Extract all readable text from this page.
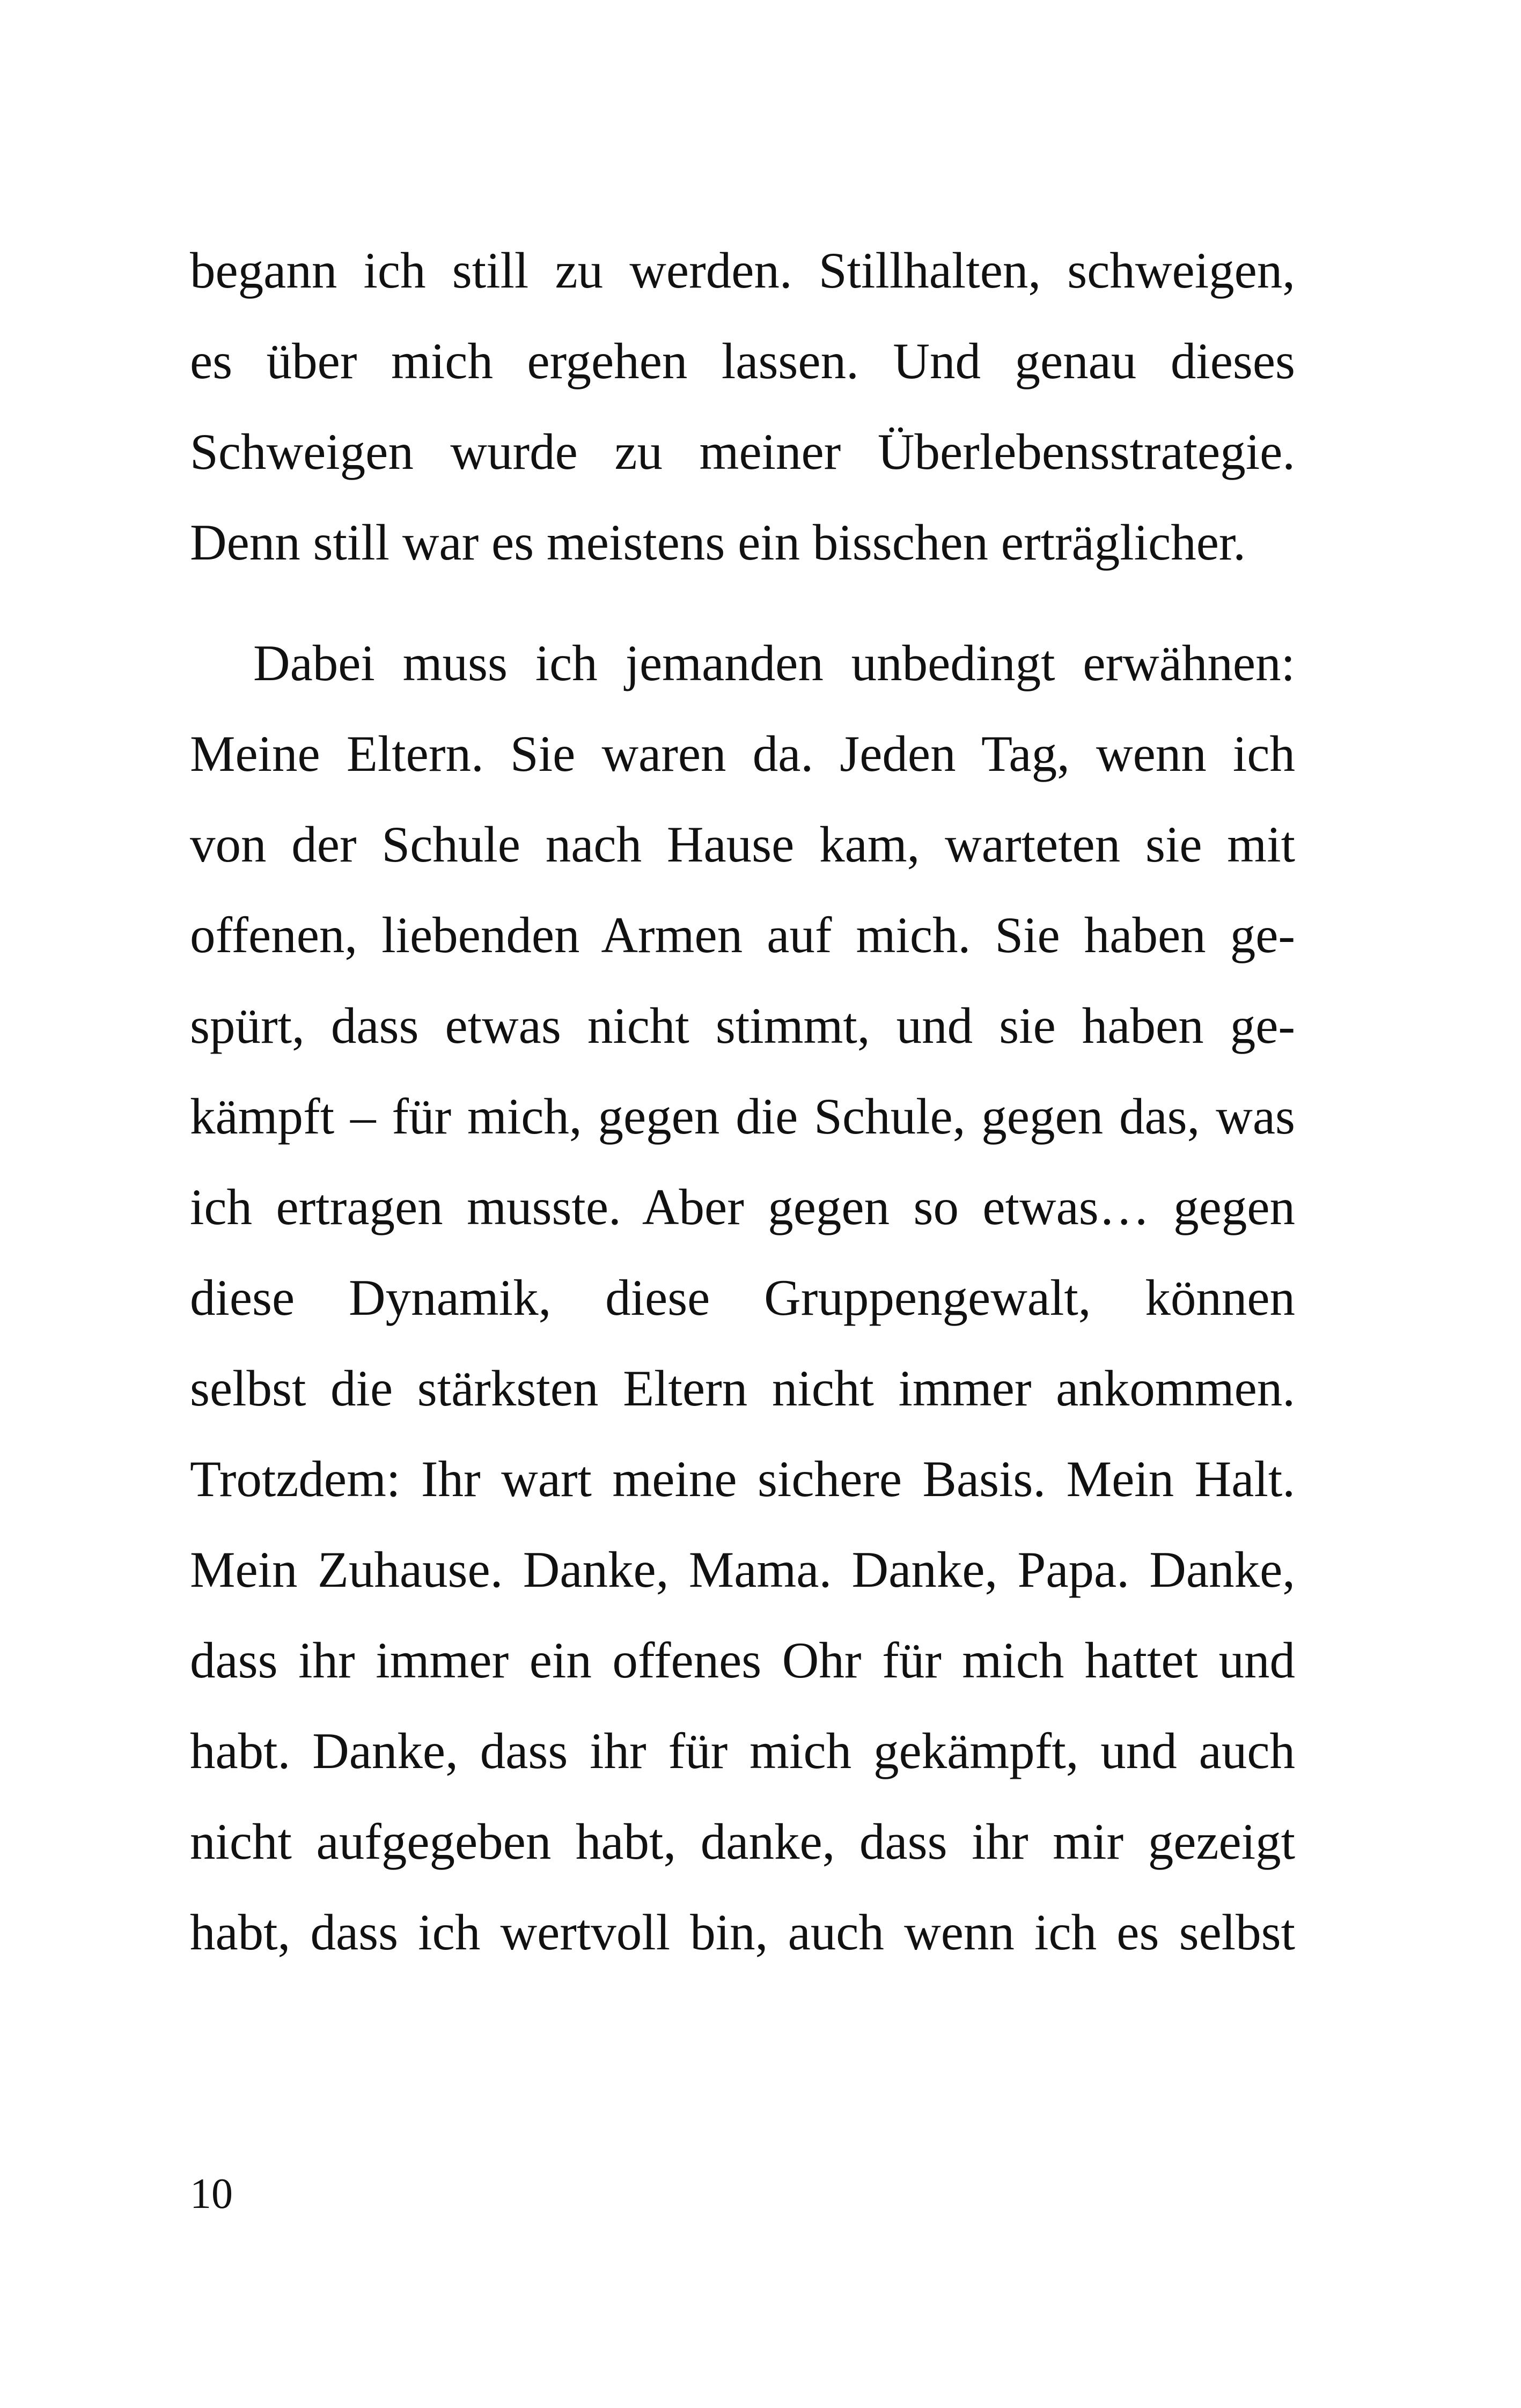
begann ich still zu werden. Stillhalten, schweigen,
es über mich ergehen lassen. Und genau dieses
Schweigen wurde zu meiner Überlebensstrategie.
Denn still war es meistens ein bisschen erträglicher.
Dabei muss ich jemanden unbedingt erwähnen:
Meine Eltern. Sie waren da. Jeden Tag, wenn ich
von der Schule nach Hause kam, warteten sie mit
offenen, liebenden Armen auf mich. Sie haben ge-
spürt, dass etwas nicht stimmt, und sie haben ge-
kämpft – für mich, gegen die Schule, gegen das, was
ich ertragen musste. Aber gegen so etwas… gegen
diese Dynamik, diese Gruppengewalt, können
selbst die stärksten Eltern nicht immer ankommen.
Trotzdem: Ihr wart meine sichere Basis. Mein Halt.
Mein Zuhause. Danke, Mama. Danke, Papa. Danke,
dass ihr immer ein offenes Ohr für mich hattet und
habt. Danke, dass ihr für mich gekämpft, und auch
nicht aufgegeben habt, danke, dass ihr mir gezeigt
habt, dass ich wertvoll bin, auch wenn ich es selbst
10
